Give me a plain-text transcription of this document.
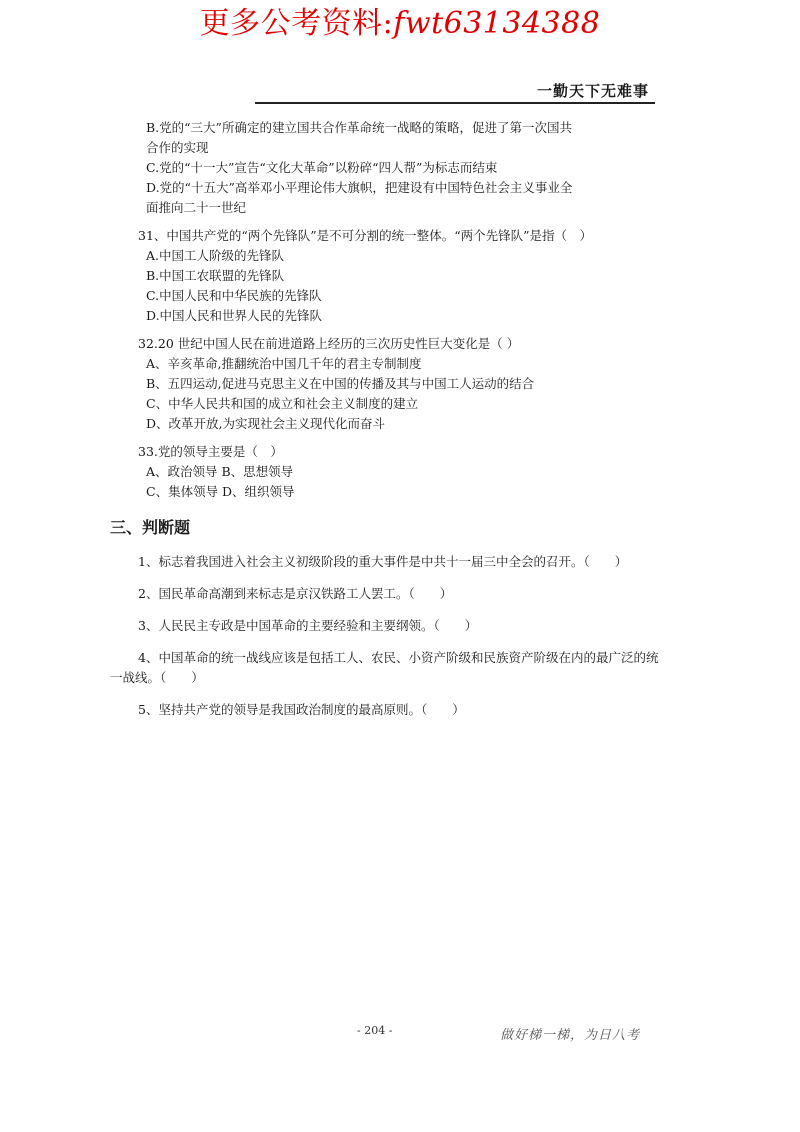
更多公考资料:fwt63134388
一勤天下无难事
B.党的“三大”所确定的建立国共合作革命统一战略的策略，促进了第一次国共
合作的实现
C.党的“十一大”宣告“文化大革命”以粉碎“四人帮”为标志而结束
D.党的“十五大”高举邓小平理论伟大旗帜，把建设有中国特色社会主义事业全
面推向二十一世纪
31、中国共产党的“两个先锋队”是不可分割的统一整体。“两个先锋队”是指（　）
A.中国工人阶级的先锋队
B.中国工农联盟的先锋队
C.中国人民和中华民族的先锋队
D.中国人民和世界人民的先锋队
32.20 世纪中国人民在前进道路上经历的三次历史性巨大变化是（ ）
A、辛亥革命,推翻统治中国几千年的君主专制制度
B、五四运动,促进马克思主义在中国的传播及其与中国工人运动的结合
C、中华人民共和国的成立和社会主义制度的建立
D、改革开放,为实现社会主义现代化而奋斗
33.党的领导主要是（　）
A、政治领导 B、思想领导
C、集体领导 D、组织领导
三、判断题
1、标志着我国进入社会主义初级阶段的重大事件是中共十一届三中全会的召开。（　　）
2、国民革命高潮到来标志是京汉铁路工人罢工。（　　）
3、人民民主专政是中国革命的主要经验和主要纲领。（　　）
4、中国革命的统一战线应该是包括工人、农民、小资产阶级和民族资产阶级在内的最广泛的统一战线。（　　）
5、坚持共产党的领导是我国政治制度的最高原则。（　　）
- 204 -	做好梯一梯，为日八考
